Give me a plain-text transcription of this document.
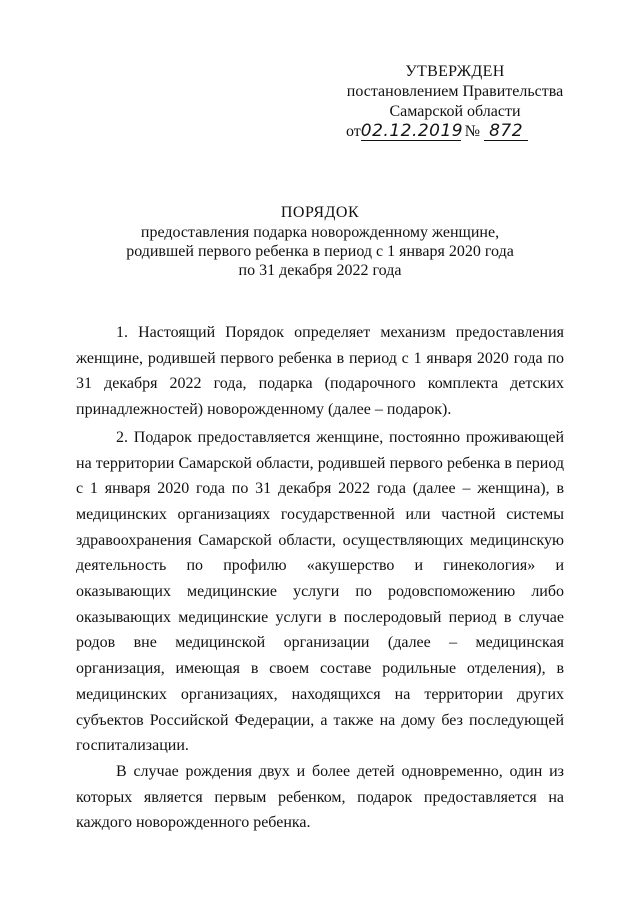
УТВЕРЖДЕН
постановлением Правительства
Самарской области
от02.12.2019 № 872
ПОРЯДОК
предоставления подарка новорожденному женщине,
родившей первого ребенка в период с 1 января 2020 года
по 31 декабря 2022 года

1. Настоящий Порядок определяет механизм предоставления женщине, родившей первого ребенка в период с 1 января 2020 года по 31 декабря 2022 года, подарка (подарочного комплекта детских принадлежностей) новорожденному (далее – подарок).

2. Подарок предоставляется женщине, постоянно проживающей на территории Самарской области, родившей первого ребенка в период с 1 января 2020 года по 31 декабря 2022 года (далее – женщина), в медицинских организациях государственной или частной системы здравоохранения Самарской области, осуществляющих медицинскую деятельность по профилю «акушерство и гинекология» и оказывающих медицинские услуги по родовспоможению либо оказывающих медицинские услуги в послеродовый период в случае родов вне медицинской организации (далее – медицинская организация, имеющая в своем составе родильные отделения), в медицинских организациях, находящихся на территории других субъектов Российской Федерации, а также на дому без последующей госпитализации.

В случае рождения двух и более детей одновременно, один из которых является первым ребенком, подарок предоставляется на каждого новорожденного ребенка.
